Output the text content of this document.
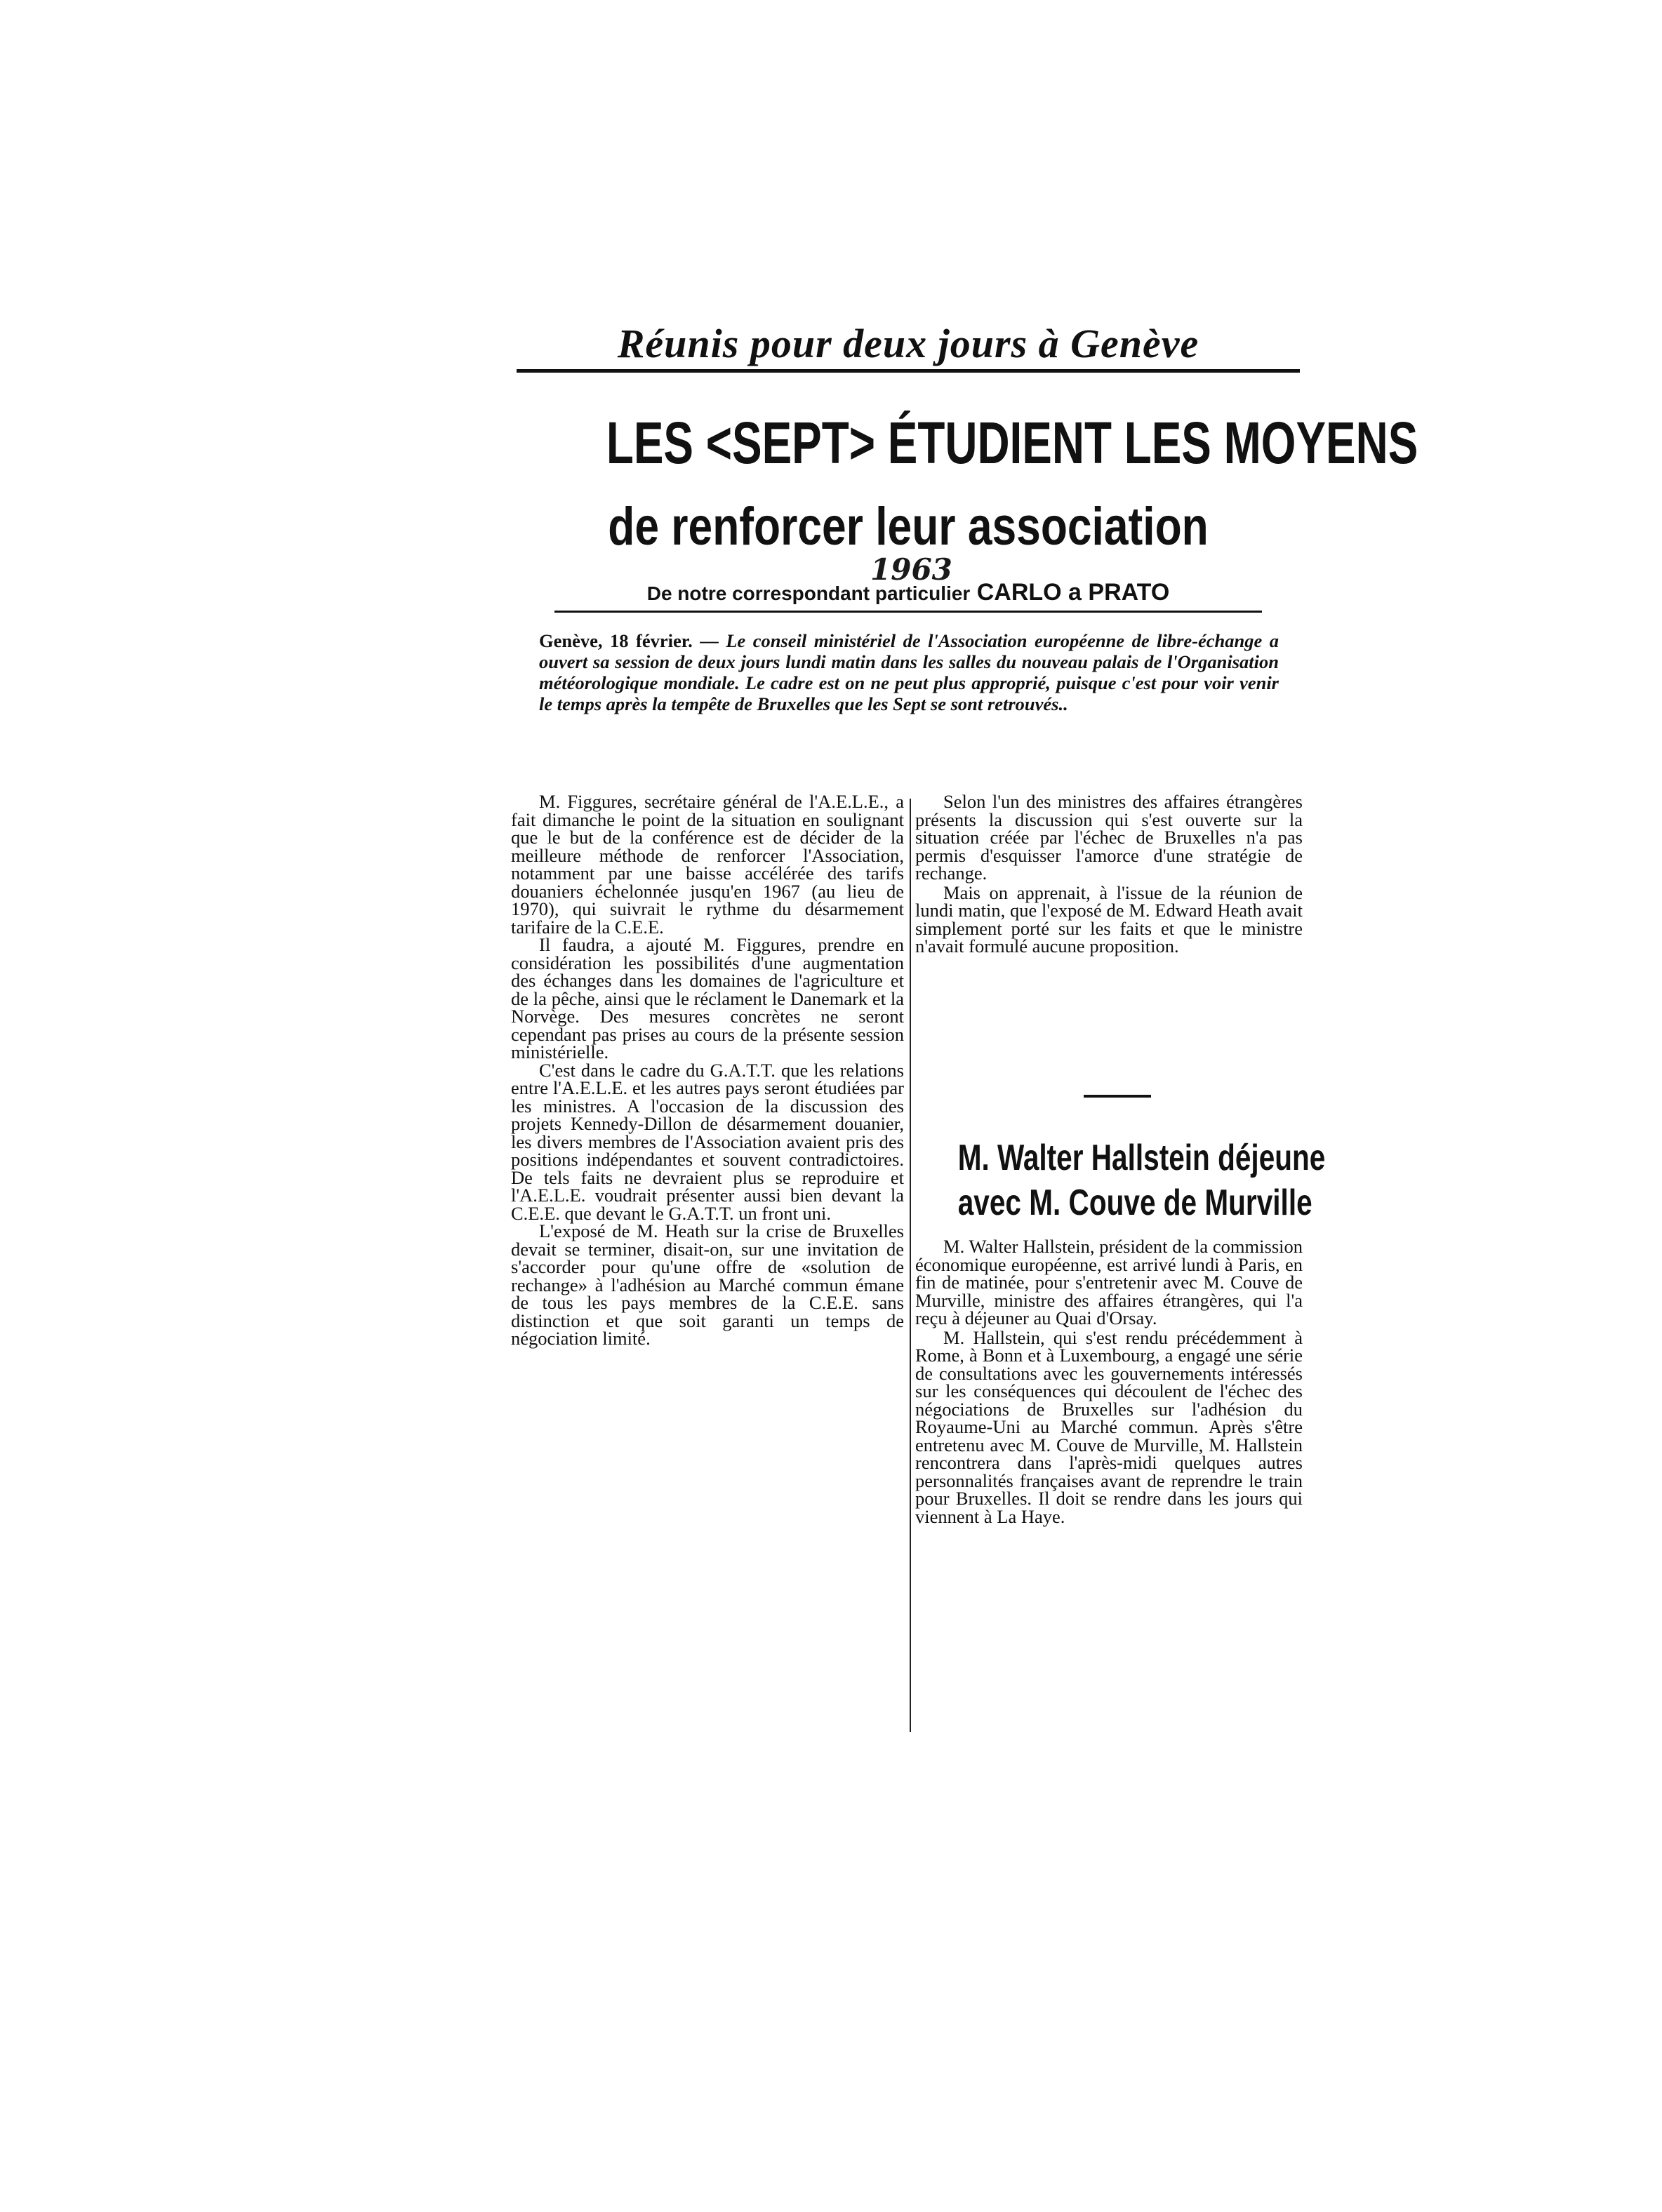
Réunis pour deux jours à Genève
LES <SEPT> ÉTUDIENT LES MOYENS
de renforcer leur association
1963
De notre correspondant particulier CARLO a PRATO
Genève, 18 février. — Le conseil ministériel de l'Association européenne de libre-échange a ouvert sa session de deux jours lundi matin dans les salles du nouveau palais de l'Organisation météorologique mondiale. Le cadre est on ne peut plus approprié, puisque c'est pour voir venir le temps après la tempête de Bruxelles que les Sept se sont retrouvés..

M. Figgures, secrétaire général de l'A.E.L.E., a fait dimanche le point de la situation en soulignant que le but de la conférence est de décider de la meilleure méthode de renforcer l'Association, notamment par une baisse accélérée des tarifs douaniers échelonnée jusqu'en 1967 (au lieu de 1970), qui suivrait le rythme du désarmement tarifaire de la C.E.E.

Il faudra, a ajouté M. Figgures, prendre en considération les possibilités d'une augmentation des échanges dans les domaines de l'agriculture et de la pêche, ainsi que le réclament le Danemark et la Norvège. Des mesures concrètes ne seront cependant pas prises au cours de la présente session ministérielle.

C'est dans le cadre du G.A.T.T. que les relations entre l'A.E.L.E. et les autres pays seront étudiées par les ministres. A l'occasion de la discussion des projets Kennedy-Dillon de désarmement douanier, les divers membres de l'Association avaient pris des positions indépendantes et souvent contradictoires. De tels faits ne devraient plus se reproduire et l'A.E.L.E. voudrait présenter aussi bien devant la C.E.E. que devant le G.A.T.T. un front uni.

L'exposé de M. Heath sur la crise de Bruxelles devait se terminer, disait-on, sur une invitation de s'accorder pour qu'une offre de «solution de rechange» à l'adhésion au Marché commun émane de tous les pays membres de la C.E.E. sans distinction et que soit garanti un temps de négociation limité.

Selon l'un des ministres des affaires étrangères présents la discussion qui s'est ouverte sur la situation créée par l'échec de Bruxelles n'a pas permis d'esquisser l'amorce d'une stratégie de rechange.

Mais on apprenait, à l'issue de la réunion de lundi matin, que l'exposé de M. Edward Heath avait simplement porté sur les faits et que le ministre n'avait formulé aucune proposition.

M. Walter Hallstein déjeune
avec M. Couve de Murville

M. Walter Hallstein, président de la commission économique européenne, est arrivé lundi à Paris, en fin de matinée, pour s'entretenir avec M. Couve de Murville, ministre des affaires étrangères, qui l'a reçu à déjeuner au Quai d'Orsay.

M. Hallstein, qui s'est rendu précédemment à Rome, à Bonn et à Luxembourg, a engagé une série de consultations avec les gouvernements intéressés sur les conséquences qui découlent de l'échec des négociations de Bruxelles sur l'adhésion du Royaume-Uni au Marché commun. Après s'être entretenu avec M. Couve de Murville, M. Hallstein rencontrera dans l'après-midi quelques autres personnalités françaises avant de reprendre le train pour Bruxelles. Il doit se rendre dans les jours qui viennent à La Haye.
